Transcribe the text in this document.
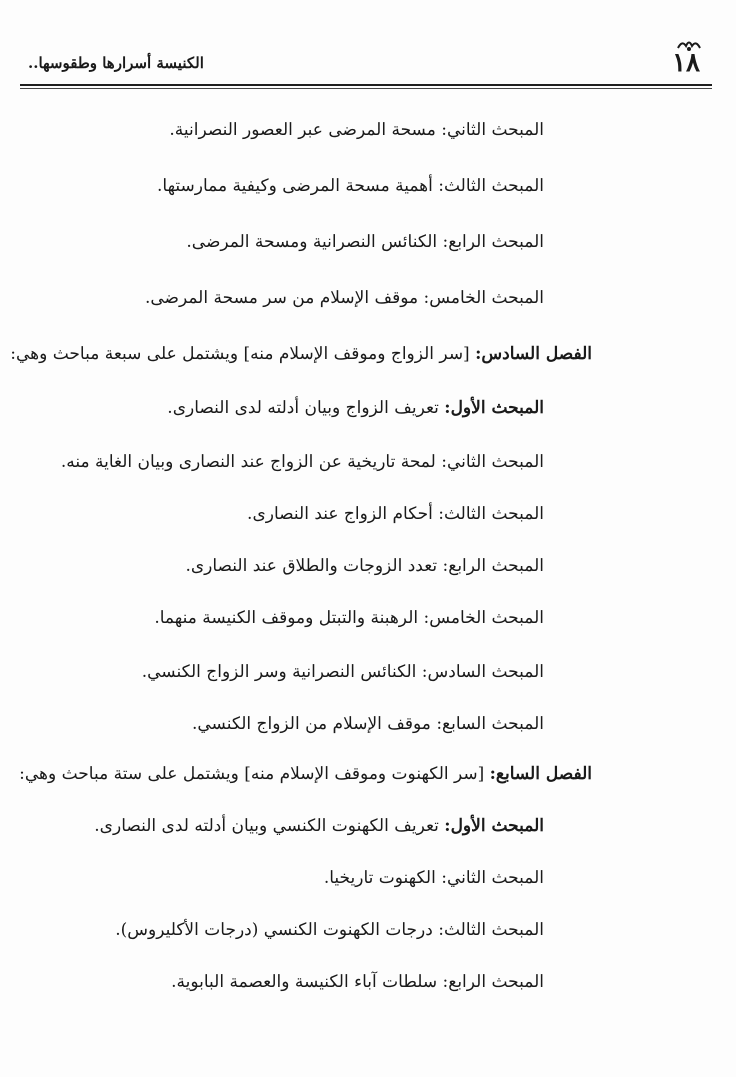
١٨
الكنيسة أسرارها وطقوسها..
المبحث الثاني: مسحة المرضى عبر العصور النصرانية.
المبحث الثالث: أهمية مسحة المرضى وكيفية ممارستها.
المبحث الرابع: الكنائس النصرانية ومسحة المرضى.
المبحث الخامس: موقف الإسلام من سر مسحة المرضى.
الفصل السادس: [سر الزواج وموقف الإسلام منه] ويشتمل على سبعة مباحث وهي:
المبحث الأول: تعريف الزواج وبيان أدلته لدى النصارى.
المبحث الثاني: لمحة تاريخية عن الزواج عند النصارى وبيان الغاية منه.
المبحث الثالث: أحكام الزواج عند النصارى.
المبحث الرابع: تعدد الزوجات والطلاق عند النصارى.
المبحث الخامس: الرهبنة والتبتل وموقف الكنيسة منهما.
المبحث السادس: الكنائس النصرانية وسر الزواج الكنسي.
المبحث السابع: موقف الإسلام من الزواج الكنسي.
الفصل السابع: [سر الكهنوت وموقف الإسلام منه] ويشتمل على ستة مباحث وهي:
المبحث الأول: تعريف الكهنوت الكنسي وبيان أدلته لدى النصارى.
المبحث الثاني: الكهنوت تاريخيا.
المبحث الثالث: درجات الكهنوت الكنسي (درجات الأكليروس).
المبحث الرابع: سلطات آباء الكنيسة والعصمة البابوية.
